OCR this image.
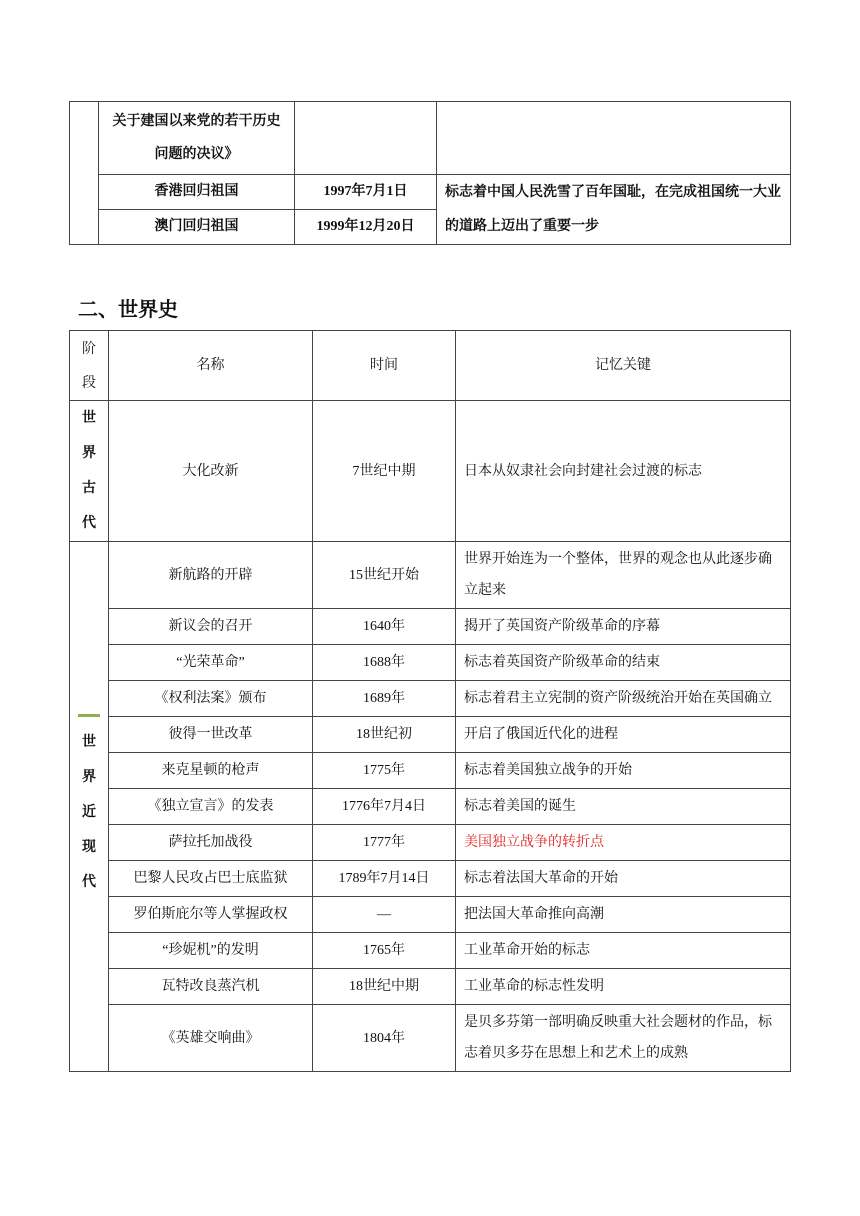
	关于建国以来党的若干历史问题的决议》		
	香港回归祖国	1997年7月1日	标志着中国人民洗雪了百年国耻，在完成祖国统一大业的道路上迈出了重要一步
	澳门回归祖国	1999年12月20日	
二、世界史
阶段	名称	时间	记忆关键

世
界
古
代	大化改新	7世纪中期	日本从奴隶社会向封建社会过渡的标志

世
界
近
现
代	新航路的开辟	15世纪开始	世界开始连为一个整体，世界的观念也从此逐步确立起来
	新议会的召开	1640年	揭开了英国资产阶级革命的序幕
	“光荣革命”	1688年	标志着英国资产阶级革命的结束
	《权利法案》颁布	1689年	标志着君主立宪制的资产阶级统治开始在英国确立
	彼得一世改革	18世纪初	开启了俄国近代化的进程
	来克星顿的枪声	1775年	标志着美国独立战争的开始
	《独立宣言》的发表	1776年7月4日	标志着美国的诞生
	萨拉托加战役	1777年	美国独立战争的转折点
	巴黎人民攻占巴士底监狱	1789年7月14日	标志着法国大革命的开始
	罗伯斯庇尔等人掌握政权	—	把法国大革命推向高潮
	“珍妮机”的发明	1765年	工业革命开始的标志
	瓦特改良蒸汽机	18世纪中期	工业革命的标志性发明
	《英雄交响曲》	1804年	是贝多芬第一部明确反映重大社会题材的作品，标志着贝多芬在思想上和艺术上的成熟
